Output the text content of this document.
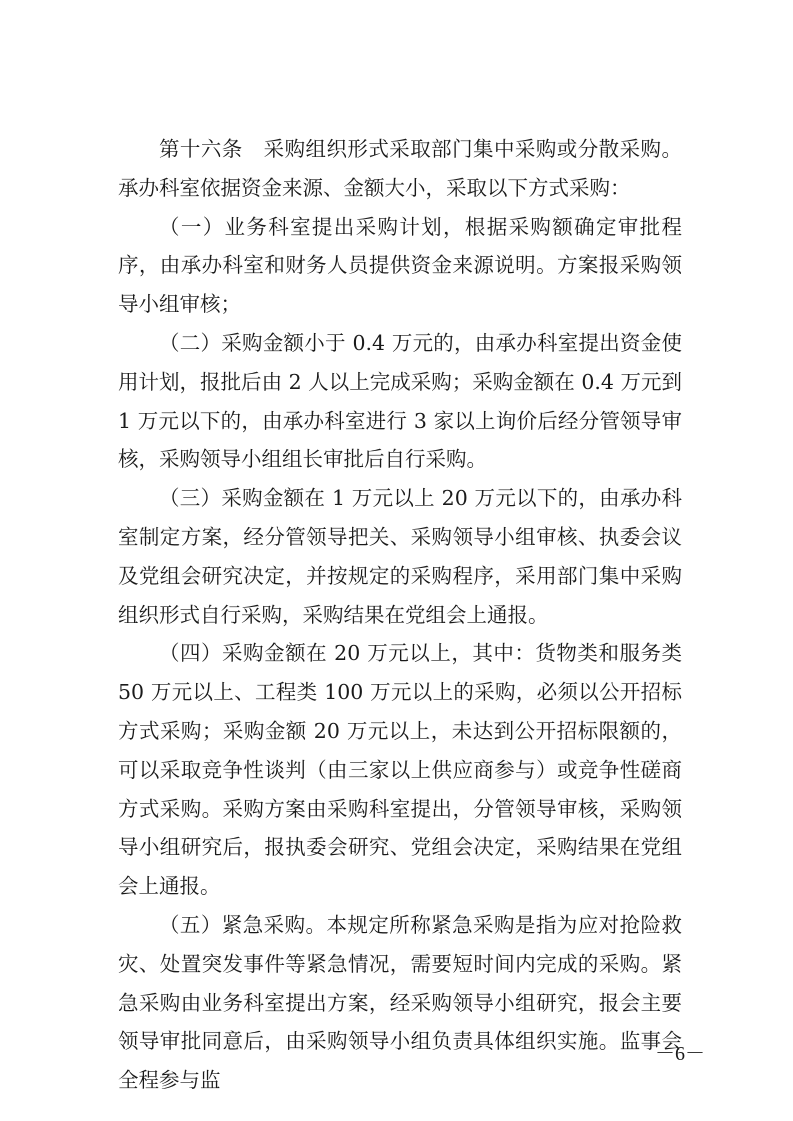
第十六条　采购组织形式采取部门集中采购或分散采购。承办科室依据资金来源、金额大小，采取以下方式采购：

（一）业务科室提出采购计划，根据采购额确定审批程序，由承办科室和财务人员提供资金来源说明。方案报采购领导小组审核；

（二）采购金额小于 0.4 万元的，由承办科室提出资金使用计划，报批后由 2 人以上完成采购；采购金额在 0.4 万元到 1 万元以下的，由承办科室进行 3 家以上询价后经分管领导审核，采购领导小组组长审批后自行采购。

（三）采购金额在 1 万元以上 20 万元以下的，由承办科室制定方案，经分管领导把关、采购领导小组审核、执委会议及党组会研究决定，并按规定的采购程序，采用部门集中采购组织形式自行采购，采购结果在党组会上通报。

（四）采购金额在 20 万元以上，其中：货物类和服务类 50 万元以上、工程类 100 万元以上的采购，必须以公开招标方式采购；采购金额 20 万元以上，未达到公开招标限额的，可以采取竞争性谈判（由三家以上供应商参与）或竞争性磋商方式采购。采购方案由采购科室提出，分管领导审核，采购领导小组研究后，报执委会研究、党组会决定，采购结果在党组会上通报。

（五）紧急采购。本规定所称紧急采购是指为应对抢险救灾、处置突发事件等紧急情况，需要短时间内完成的采购。紧急采购由业务科室提出方案，经采购领导小组研究，报会主要领导审批同意后，由采购领导小组负责具体组织实施。监事会全程参与监

－6－
